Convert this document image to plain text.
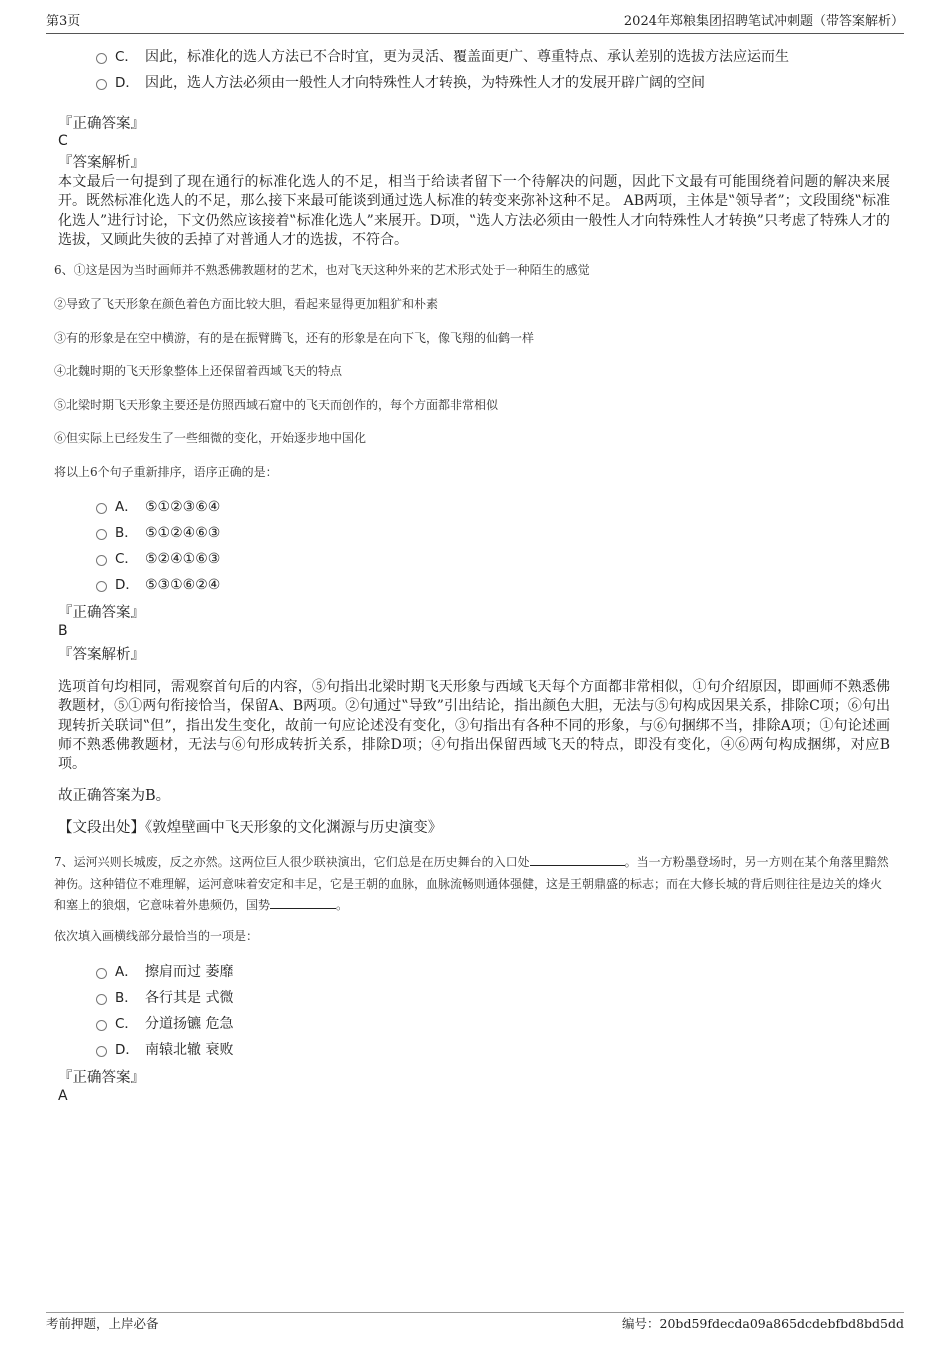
第3页	2024年郑粮集团招聘笔试冲刺题（带答案解析）
C． 因此，标准化的选人方法已不合时宜，更为灵活、覆盖面更广、尊重特点、承认差别的选拔方法应运而生
D． 因此，选人方法必须由一般性人才向特殊性人才转换，为特殊性人才的发展开辟广阔的空间
『正确答案』
C
『答案解析』
本文最后一句提到了现在通行的标准化选人的不足，相当于给读者留下一个待解决的问题，因此下文最有可能围绕着问题的解决来展开。既然标准化选人的不足，那么接下来最可能谈到通过选人标准的转变来弥补这种不足。 AB两项，主体是‟领导者”；文段围绕‟标准化选人”进行讨论，下文仍然应该接着‟标准化选人”来展开。D项，‟选人方法必须由一般性人才向特殊性人才转换”只考虑了特殊人才的选拔，又顾此失彼的丢掉了对普通人才的选拔，不符合。
6、①这是因为当时画师并不熟悉佛教题材的艺术，也对飞天这种外来的艺术形式处于一种陌生的感觉
②导致了飞天形象在颜色着色方面比较大胆，看起来显得更加粗犷和朴素
③有的形象是在空中横游，有的是在振臂腾飞，还有的形象是在向下飞，像飞翔的仙鹤一样
④北魏时期的飞天形象整体上还保留着西域飞天的特点
⑤北梁时期飞天形象主要还是仿照西域石窟中的飞天而创作的，每个方面都非常相似
⑥但实际上已经发生了一些细微的变化，开始逐步地中国化
将以上6个句子重新排序，语序正确的是：
A． ⑤①②③⑥④
B． ⑤①②④⑥③
C． ⑤②④①⑥③
D． ⑤③①⑥②④
『正确答案』
B
『答案解析』
选项首句均相同，需观察首句后的内容，⑤句指出北梁时期飞天形象与西域飞天每个方面都非常相似，①句介绍原因，即画师不熟悉佛教题材，⑤①两句衔接恰当，保留A、B两项。②句通过‟导致”引出结论，指出颜色大胆，无法与⑤句构成因果关系，排除C项；⑥句出现转折关联词‟但”，指出发生变化，故前一句应论述没有变化，③句指出有各种不同的形象，与⑥句捆绑不当，排除A项；①句论述画师不熟悉佛教题材，无法与⑥句形成转折关系，排除D项；④句指出保留西域飞天的特点，即没有变化，④⑥两句构成捆绑，对应B项。
故正确答案为B。
【文段出处】《敦煌壁画中飞天形象的文化渊源与历史演变》
7、运河兴则长城废，反之亦然。这两位巨人很少联袂演出，它们总是在历史舞台的入口处	。当一方粉墨登场时，另一方则在某个角落里黯然神伤。这种错位不难理解，运河意味着安定和丰足，它是王朝的血脉，血脉流畅则通体强健，这是王朝鼎盛的标志；而在大修长城的背后则往往是边关的烽火和塞上的狼烟，它意味着外患频仍，国势	。
依次填入画横线部分最恰当的一项是：
A． 擦肩而过 萎靡
B． 各行其是 式微
C． 分道扬镳 危急
D． 南辕北辙 衰败
『正确答案』
A
考前押题，上岸必备	编号：20bd59fdecda09a865dcdebfbd8bd5dd
